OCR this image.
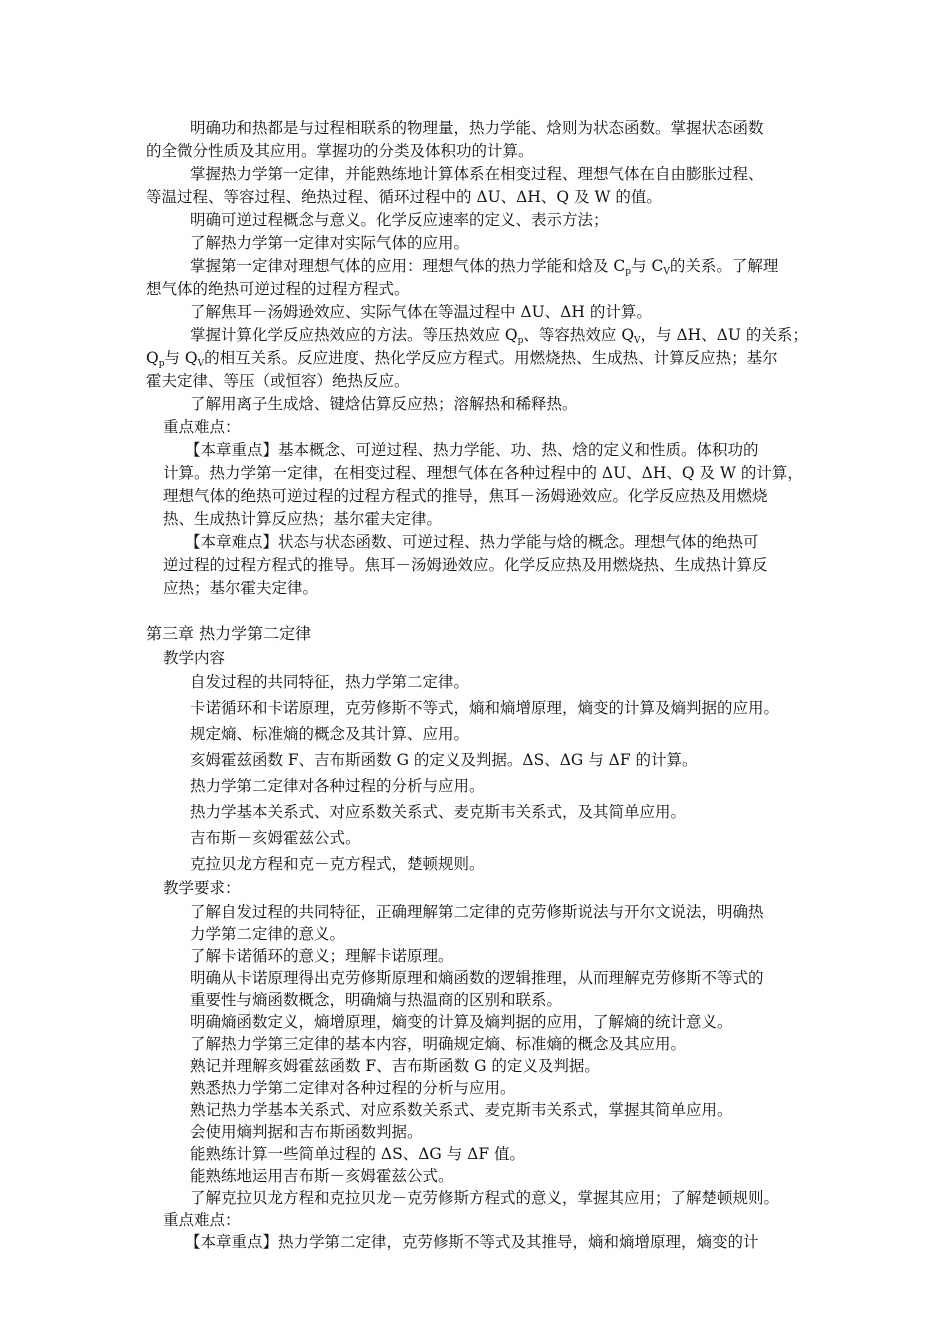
明确功和热都是与过程相联系的物理量，热力学能、焓则为状态函数。掌握状态函数
的全微分性质及其应用。掌握功的分类及体积功的计算。
掌握热力学第一定律，并能熟练地计算体系在相变过程、理想气体在自由膨胀过程、
等温过程、等容过程、绝热过程、循环过程中的 ΔU、ΔH、Q 及 W 的值。
明确可逆过程概念与意义。化学反应速率的定义、表示方法；
了解热力学第一定律对实际气体的应用。
掌握第一定律对理想气体的应用：理想气体的热力学能和焓及 $C_p$与 $C_V$的关系。了解理
想气体的绝热可逆过程的过程方程式。
了解焦耳－汤姆逊效应、实际气体在等温过程中 ΔU、ΔH 的计算。
掌握计算化学反应热效应的方法。等压热效应 $Q_p$、等容热效应 $Q_V$，与 ΔH、ΔU 的关系；
$Q_p$与 $Q_V$的相互关系。反应进度、热化学反应方程式。用燃烧热、生成热、计算反应热；基尔
霍夫定律、等压（或恒容）绝热反应。
了解用离子生成焓、键焓估算反应热；溶解热和稀释热。
重点难点：
【本章重点】基本概念、可逆过程、热力学能、功、热、焓的定义和性质。体积功的
计算。热力学第一定律，在相变过程、理想气体在各种过程中的 ΔU、ΔH、Q 及 W 的计算，
理想气体的绝热可逆过程的过程方程式的推导，焦耳－汤姆逊效应。化学反应热及用燃烧
热、生成热计算反应热；基尔霍夫定律。
【本章难点】状态与状态函数、可逆过程、热力学能与焓的概念。理想气体的绝热可
逆过程的过程方程式的推导。焦耳－汤姆逊效应。化学反应热及用燃烧热、生成热计算反
应热；基尔霍夫定律。
第三章 热力学第二定律
教学内容
自发过程的共同特征，热力学第二定律。
卡诺循环和卡诺原理，克劳修斯不等式，熵和熵增原理，熵变的计算及熵判据的应用。
规定熵、标准熵的概念及其计算、应用。
亥姆霍兹函数 F、吉布斯函数 G 的定义及判据。ΔS、ΔG 与 ΔF 的计算。
热力学第二定律对各种过程的分析与应用。
热力学基本关系式、对应系数关系式、麦克斯韦关系式，及其简单应用。
吉布斯－亥姆霍兹公式。
克拉贝龙方程和克－克方程式，楚顿规则。
教学要求：
了解自发过程的共同特征，正确理解第二定律的克劳修斯说法与开尔文说法，明确热
力学第二定律的意义。
了解卡诺循环的意义；理解卡诺原理。
明确从卡诺原理得出克劳修斯原理和熵函数的逻辑推理，从而理解克劳修斯不等式的
重要性与熵函数概念，明确熵与热温商的区别和联系。
明确熵函数定义，熵增原理，熵变的计算及熵判据的应用，了解熵的统计意义。
了解热力学第三定律的基本内容，明确规定熵、标准熵的概念及其应用。
熟记并理解亥姆霍兹函数 F、吉布斯函数 G 的定义及判据。
熟悉热力学第二定律对各种过程的分析与应用。
熟记热力学基本关系式、对应系数关系式、麦克斯韦关系式，掌握其简单应用。
会使用熵判据和吉布斯函数判据。
能熟练计算一些简单过程的 ΔS、ΔG 与 ΔF 值。
能熟练地运用吉布斯－亥姆霍兹公式。
了解克拉贝龙方程和克拉贝龙－克劳修斯方程式的意义，掌握其应用；了解楚顿规则。
重点难点：
【本章重点】热力学第二定律，克劳修斯不等式及其推导，熵和熵增原理，熵变的计
